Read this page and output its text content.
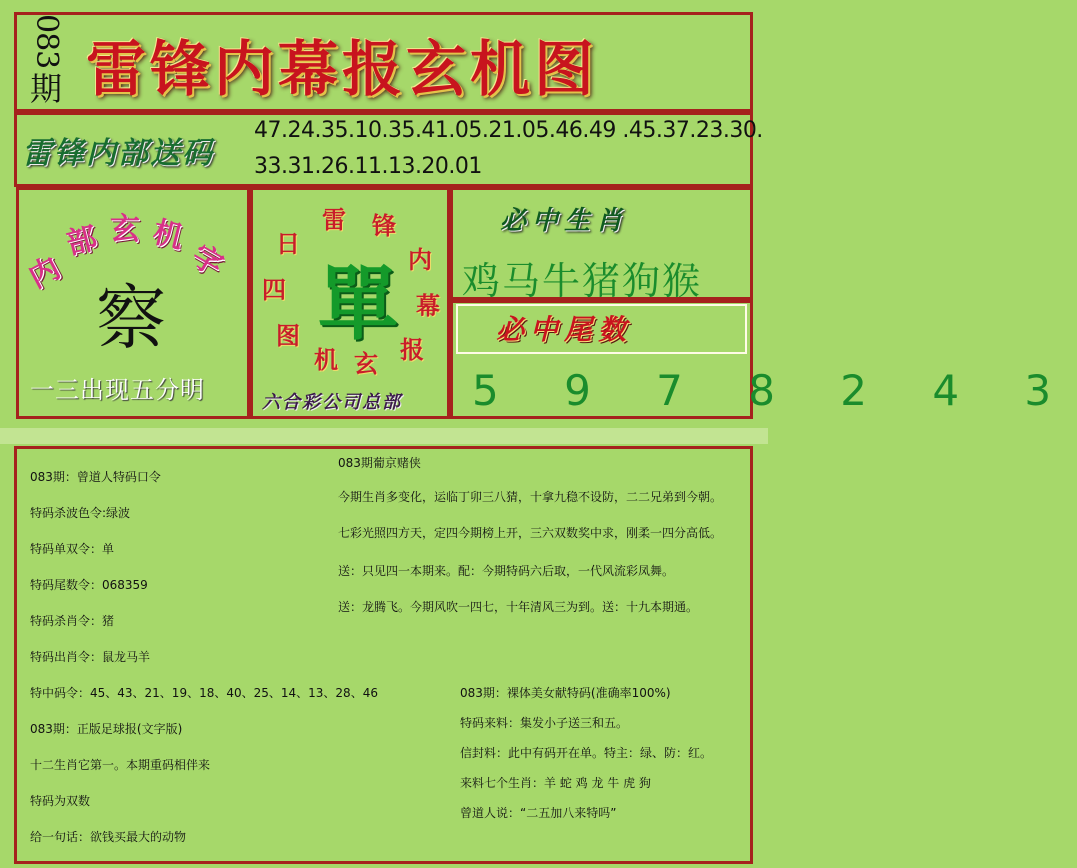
083
期 雷锋内幕报玄机图
雷锋内部送码
47.24.35.10.35.41.05.21.05.46.49 .45.37.23.30.
33.31.26.11.13.20.01
内
部 玄 机
字
察
一三出现五分明
雷 锋
内
幕
报
玄
机
图
四
日
單
六合彩公司总部
必中生肖
鸡马牛猪狗猴
必中尾数
5 9 7 8 2 4 3
083期：曾道人特码口令
特码杀波色令:绿波
特码单双令：单
特码尾数令：068359
特码杀肖令：猪
特码出肖令：鼠龙马羊
特中码令：45、43、21、19、18、40、25、14、13、28、46
083期：正版足球报(文字版)
十二生肖它第一。本期重码相伴来
特码为双数
给一句话：欲钱买最大的动物
083期葡京赌侠
今期生肖多变化，运临丁卯三八猜，十拿九稳不设防，二二兄弟到今朝。
七彩光照四方天，定四今期榜上开，三六双数奖中求，刚柔一四分高低。
送：只见四一本期来。配：今期特码六后取，一代风流彩凤舞。
送：龙腾飞。今期风吹一四七，十年清风三为到。送：十九本期通。
083期：裸体美女献特码(准确率100%)
特码来料：集发小子送三和五。
信封料：此中有码开在单。特主：绿、防：红。
来料七个生肖：羊 蛇 鸡 龙 牛 虎 狗
曾道人说：“二五加八来特吗”
